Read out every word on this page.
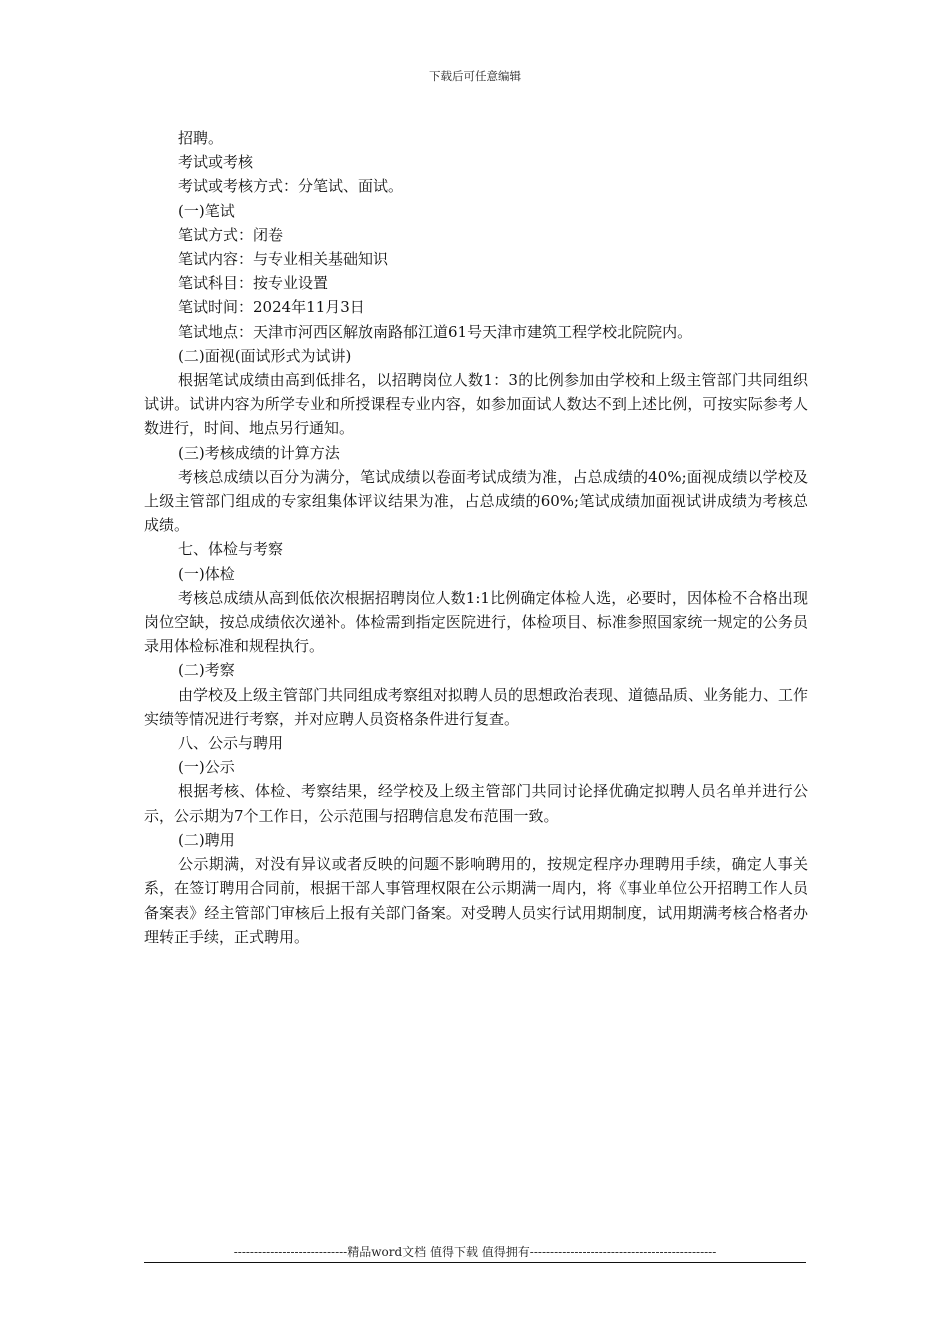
下载后可任意编辑

招聘。

考试或考核

考试或考核方式：分笔试、面试。

(一)笔试

笔试方式：闭卷

笔试内容：与专业相关基础知识

笔试科目：按专业设置

笔试时间：2024年11月3日

笔试地点：天津市河西区解放南路郁江道61号天津市建筑工程学校北院院内。

(二)面视(面试形式为试讲)

根据笔试成绩由高到低排名，以招聘岗位人数1：3的比例参加由学校和上级主管部门共同组织试讲。试讲内容为所学专业和所授课程专业内容，如参加面试人数达不到上述比例，可按实际参考人数进行，时间、地点另行通知。

(三)考核成绩的计算方法

考核总成绩以百分为满分，笔试成绩以卷面考试成绩为准，占总成绩的40%;面视成绩以学校及上级主管部门组成的专家组集体评议结果为准，占总成绩的60%;笔试成绩加面视试讲成绩为考核总成绩。

七、体检与考察

(一)体检

考核总成绩从高到低依次根据招聘岗位人数1:1比例确定体检人选，必要时，因体检不合格出现岗位空缺，按总成绩依次递补。体检需到指定医院进行，体检项目、标准参照国家统一规定的公务员录用体检标准和规程执行。

(二)考察

由学校及上级主管部门共同组成考察组对拟聘人员的思想政治表现、道德品质、业务能力、工作实绩等情况进行考察，并对应聘人员资格条件进行复查。

八、公示与聘用

(一)公示

根据考核、体检、考察结果，经学校及上级主管部门共同讨论择优确定拟聘人员名单并进行公示，公示期为7个工作日，公示范围与招聘信息发布范围一致。

(二)聘用

公示期满，对没有异议或者反映的问题不影响聘用的，按规定程序办理聘用手续，确定人事关系，在签订聘用合同前，根据干部人事管理权限在公示期满一周内，将《事业单位公开招聘工作人员备案表》经主管部门审核后上报有关部门备案。对受聘人员实行试用期制度，试用期满考核合格者办理转正手续，正式聘用。

----------------------------精品word文档 值得下载 值得拥有----------------------------------------------
